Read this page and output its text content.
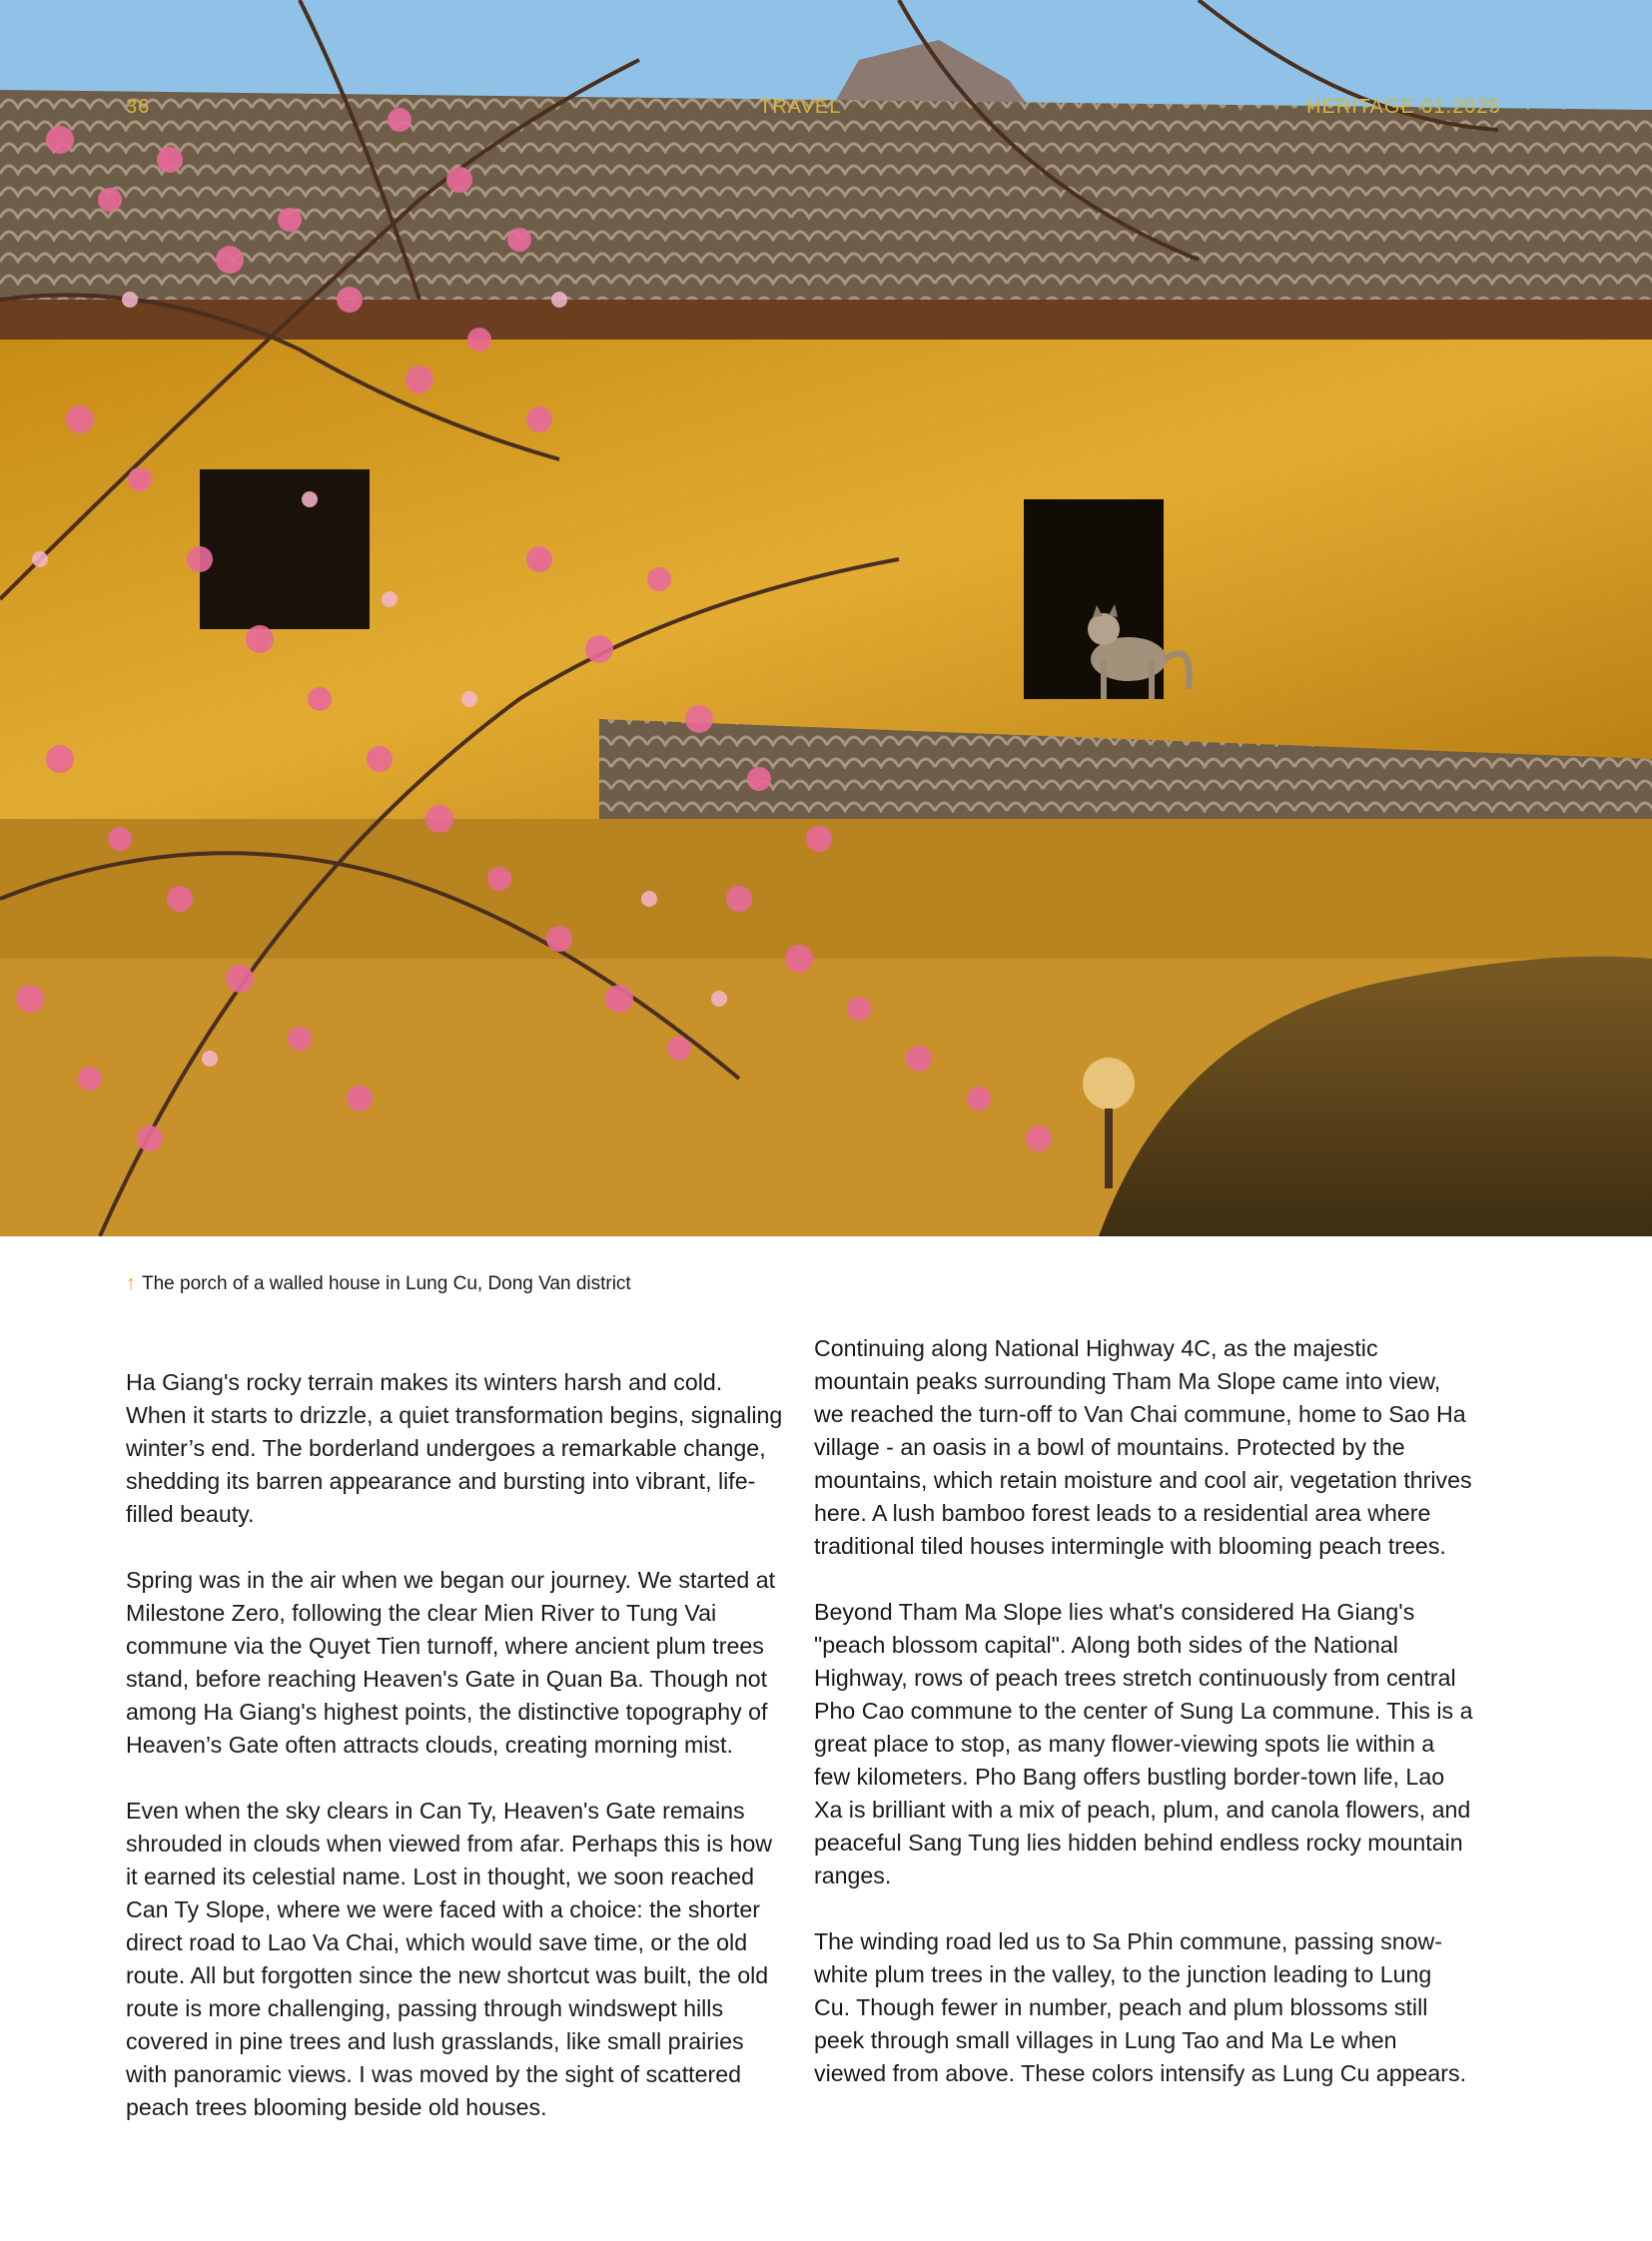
36	TRAVEL	HERITAGE 01.2025
↑ The porch of a walled house in Lung Cu, Dong Van district

Ha Giang's rocky terrain makes its winters harsh and cold. When it starts to drizzle, a quiet transformation begins, signaling winter’s end. The borderland undergoes a remarkable change, shedding its barren appearance and bursting into vibrant, life-filled beauty.

Spring was in the air when we began our journey. We started at Milestone Zero, following the clear Mien River to Tung Vai commune via the Quyet Tien turnoff, where ancient plum trees stand, before reaching Heaven's Gate in Quan Ba. Though not among Ha Giang's highest points, the distinctive topography of Heaven’s Gate often attracts clouds, creating morning mist.

Even when the sky clears in Can Ty, Heaven's Gate remains shrouded in clouds when viewed from afar. Perhaps this is how it earned its celestial name. Lost in thought, we soon reached Can Ty Slope, where we were faced with a choice: the shorter direct road to Lao Va Chai, which would save time, or the old route. All but forgotten since the new shortcut was built, the old route is more challenging, passing through windswept hills covered in pine trees and lush grasslands, like small prairies with panoramic views. I was moved by the sight of scattered peach trees blooming beside old houses.

Continuing along National Highway 4C, as the majestic mountain peaks surrounding Tham Ma Slope came into view, we reached the turn-off to Van Chai commune, home to Sao Ha village - an oasis in a bowl of mountains. Protected by the mountains, which retain moisture and cool air, vegetation thrives here. A lush bamboo forest leads to a residential area where traditional tiled houses intermingle with blooming peach trees.

Beyond Tham Ma Slope lies what's considered Ha Giang's "peach blossom capital". Along both sides of the National Highway, rows of peach trees stretch continuously from central Pho Cao commune to the center of Sung La commune. This is a great place to stop, as many flower-viewing spots lie within a few kilometers. Pho Bang offers bustling border-town life, Lao Xa is brilliant with a mix of peach, plum, and canola flowers, and peaceful Sang Tung lies hidden behind endless rocky mountain ranges.

The winding road led us to Sa Phin commune, passing snow-white plum trees in the valley, to the junction leading to Lung Cu. Though fewer in number, peach and plum blossoms still peek through small villages in Lung Tao and Ma Le when viewed from above. These colors intensify as Lung Cu appears.
